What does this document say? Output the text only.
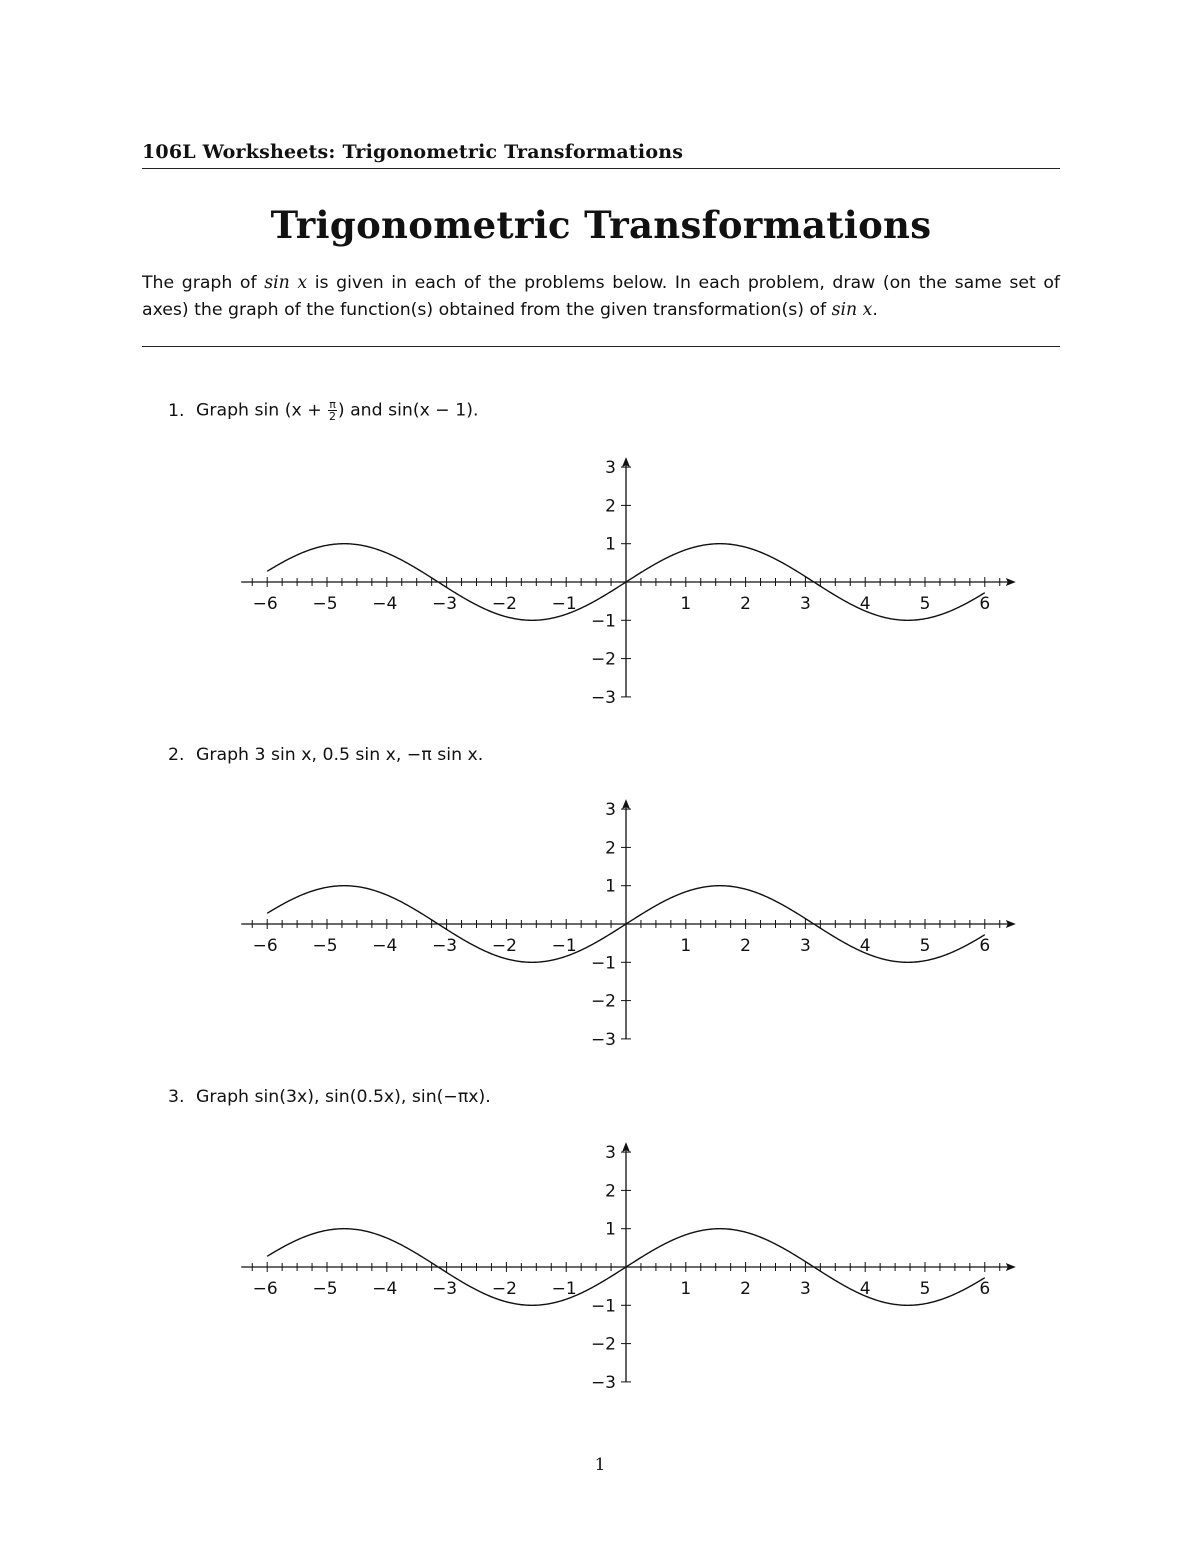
106L Worksheets: Trigonometric Transformations
Trigonometric Transformations
The graph of sin x is given in each of the problems below. In each problem, draw (on the same set of axes) the graph of the function(s) obtained from the given transformation(s) of sin x.
1. Graph $\sin (x + \frac{\pi}{2}$ ) and sin(x − 1).
−6 −5 −4 −3 −2 −1	1	2	3	4	5	6
3
2
1
−1
−2
−3
2. Graph 3 sin x, 0.5 sin x, −π sin x.
−6 −5 −4 −3 −2 −1	1	2	3	4	5	6
3
2
1
−1
−2
−3
3. Graph sin(3x), sin(0.5x), sin(−πx).
−6 −5 −4 −3 −2 −1	1	2	3	4	5	6
3
2
1
−1
−2
−3
1
